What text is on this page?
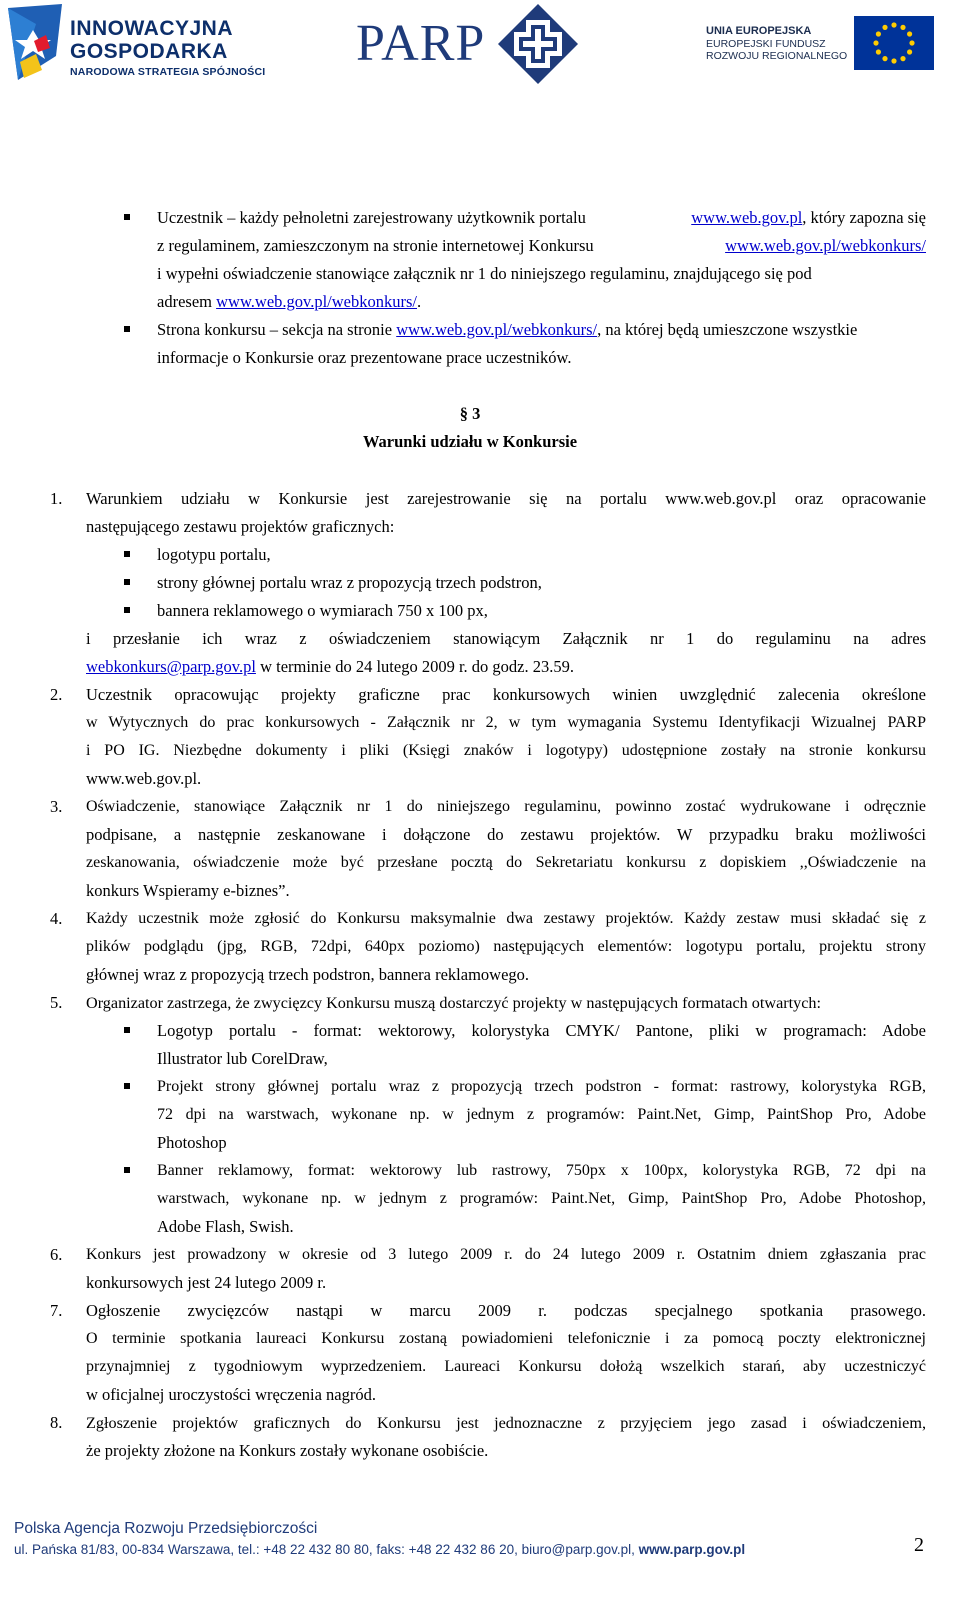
INNOWACYJNA
GOSPODARKA
NARODOWA STRATEGIA SPÓJNOŚCI PARP	UNIA EUROPEJSKA
EUROPEJSKI FUNDUSZ
ROZWOJU REGIONALNEGO
Uczestnik – każdy pełnoletni zarejestrowany użytkownik portalu	www.web.gov.pl, który zapozna się
z regulaminem, zamieszczonym na stronie internetowej Konkursu	www.web.gov.pl/webkonkurs/
i wypełni oświadczenie stanowiące załącznik nr 1 do niniejszego regulaminu, znajdującego się pod
adresem www.web.gov.pl/webkonkurs/.
Strona konkursu – sekcja na stronie www.web.gov.pl/webkonkurs/, na której będą umieszczone wszystkie
informacje o Konkursie oraz prezentowane prace uczestników.
§ 3
Warunki udziału w Konkursie
1. Warunkiem udziału w Konkursie jest zarejestrowanie się na portalu www.web.gov.pl oraz opracowanie
następującego zestawu projektów graficznych:
logotypu portalu,
strony głównej portalu wraz z propozycją trzech podstron,
bannera reklamowego o wymiarach 750 x 100 px,
i przesłanie ich wraz z oświadczeniem stanowiącym Załącznik nr 1 do regulaminu na adres
webkonkurs@parp.gov.pl w terminie do 24 lutego 2009 r. do godz. 23.59.
2. Uczestnik opracowując projekty graficzne prac konkursowych winien uwzględnić zalecenia określone
w Wytycznych do prac konkursowych - Załącznik nr 2, w tym wymagania Systemu Identyfikacji Wizualnej PARP
i PO IG. Niezbędne dokumenty i pliki (Księgi znaków i logotypy) udostępnione zostały na stronie konkursu
www.web.gov.pl.
3. Oświadczenie, stanowiące Załącznik nr 1 do niniejszego regulaminu, powinno zostać wydrukowane i odręcznie
podpisane, a następnie zeskanowane i dołączone do zestawu projektów. W przypadku braku możliwości
zeskanowania, oświadczenie może być przesłane pocztą do Sekretariatu konkursu z dopiskiem ,,Oświadczenie na
konkurs Wspieramy e-biznes”.
4. Każdy uczestnik może zgłosić do Konkursu maksymalnie dwa zestawy projektów. Każdy zestaw musi składać się z
plików podglądu (jpg, RGB, 72dpi, 640px poziomo) następujących elementów: logotypu portalu, projektu strony
głównej wraz z propozycją trzech podstron, bannera reklamowego.
5. Organizator zastrzega, że zwycięzcy Konkursu muszą dostarczyć projekty w następujących formatach otwartych:
Logotyp portalu - format: wektorowy, kolorystyka CMYK/ Pantone, pliki w programach: Adobe
Illustrator lub CorelDraw,
Projekt strony głównej portalu wraz z propozycją trzech podstron - format: rastrowy, kolorystyka RGB,
72 dpi na warstwach, wykonane np. w jednym z programów: Paint.Net, Gimp, PaintShop Pro, Adobe
Photoshop
Banner reklamowy, format: wektorowy lub rastrowy, 750px x 100px, kolorystyka RGB, 72 dpi na
warstwach, wykonane np. w jednym z programów: Paint.Net, Gimp, PaintShop Pro, Adobe Photoshop,
Adobe Flash, Swish.
6. Konkurs jest prowadzony w okresie od 3 lutego 2009 r. do 24 lutego 2009 r. Ostatnim dniem zgłaszania prac
konkursowych jest 24 lutego 2009 r.
7. Ogłoszenie zwycięzców nastąpi w marcu 2009 r. podczas specjalnego spotkania prasowego.
O terminie spotkania laureaci Konkursu zostaną powiadomieni telefonicznie i za pomocą poczty elektronicznej
przynajmniej z tygodniowym wyprzedzeniem. Laureaci Konkursu dołożą wszelkich starań, aby uczestniczyć
w oficjalnej uroczystości wręczenia nagród.
8. Zgłoszenie projektów graficznych do Konkursu jest jednoznaczne z przyjęciem jego zasad i oświadczeniem,
że projekty złożone na Konkurs zostały wykonane osobiście.
Polska Agencja Rozwoju Przedsiębiorczości
ul. Pańska 81/83, 00-834 Warszawa, tel.: +48 22 432 80 80, faks: +48 22 432 86 20, biuro@parp.gov.pl, www.parp.gov.pl	2
